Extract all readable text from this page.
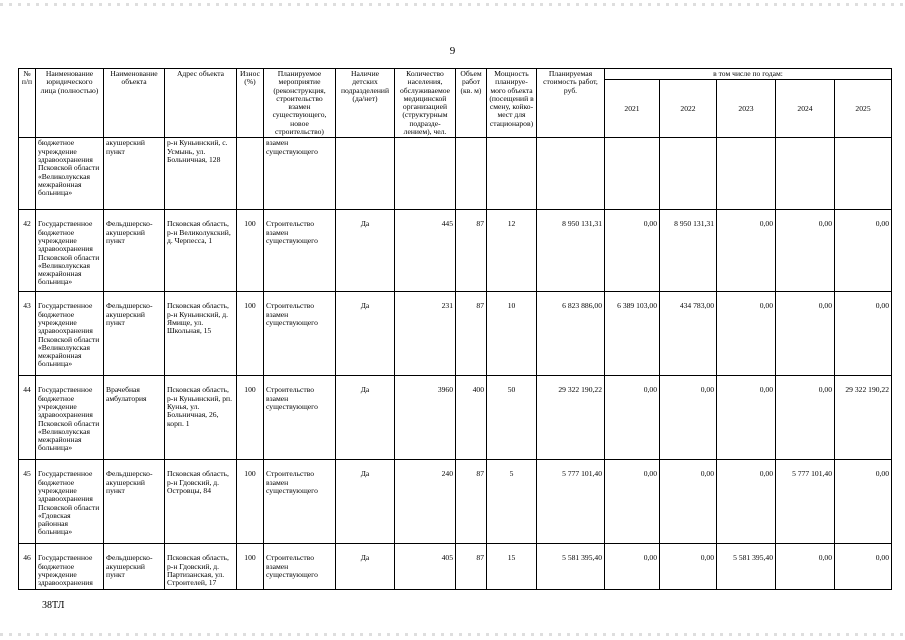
9
№ п/п	Наименование юридического лица (полностью)	Наименование объекта	Адрес объекта	Износ (%)	Планируемое мероприятие (реконструкция, строительство взамен существующего, новое строительство)	Наличие детских подразделений (да/нет)	Количество населения, обслуживаемое медицинской организацией (структурным подразде-лением), чел.	Объем работ (кв. м)	Мощность планируе-мого объекта (посещений в смену, койко-мест для стационаров)	Планируемая стоимость работ, руб.	в том числе по годам:				
											2021	2022	2023	2024	2025
	бюджетное учреждение здравоохранения Псковской области «Великолукская межрайонная больница»	акушерский пункт	р-н Куньинский, с. Усмынь, ул. Больничная, 128		взамен существующего										
42	Государственное бюджетное учреждение здравоохранения Псковской области «Великолукская межрайонная больница»	Фельдшерско-акушерский пункт	Псковская область, р-н Великолукский, д. Черпесса, 1	100	Строительство взамен существующего	Да	445	87	12	8 950 131,31	0,00	8 950 131,31	0,00	0,00	0,00
43	Государственное бюджетное учреждение здравоохранения Псковской области «Великолукская межрайонная больница»	Фельдшерско-акушерский пункт	Псковская область, р-н Куньинский, д. Ямище, ул. Школьная, 15	100	Строительство взамен существующего	Да	231	87	10	6 823 886,00	6 389 103,00	434 783,00	0,00	0,00	0,00
44	Государственное бюджетное учреждение здравоохранения Псковской области «Великолукская межрайонная больница»	Врачебная амбулатория	Псковская область, р-н Куньинский, рп. Кунья, ул. Больничная, 26, корп. 1	100	Строительство взамен существующего	Да	3960	400	50	29 322 190,22	0,00	0,00	0,00	0,00	29 322 190,22
45	Государственное бюджетное учреждение здравоохранения Псковской области «Гдовская районная больница»	Фельдшерско-акушерский пункт	Псковская область, р-н Гдовский, д. Островцы, 84	100	Строительство взамен существующего	Да	240	87	5	5 777 101,40	0,00	0,00	0,00	5 777 101,40	0,00
46	Государственное бюджетное учреждение здравоохранения	Фельдшерско-акушерский пункт	Псковская область, р-н Гдовский, д. Партизанская, ул. Строителей, 17	100	Строительство взамен существующего	Да	405	87	15	5 581 395,40	0,00	0,00	5 581 395,40	0,00	0,00
38ТЛ
